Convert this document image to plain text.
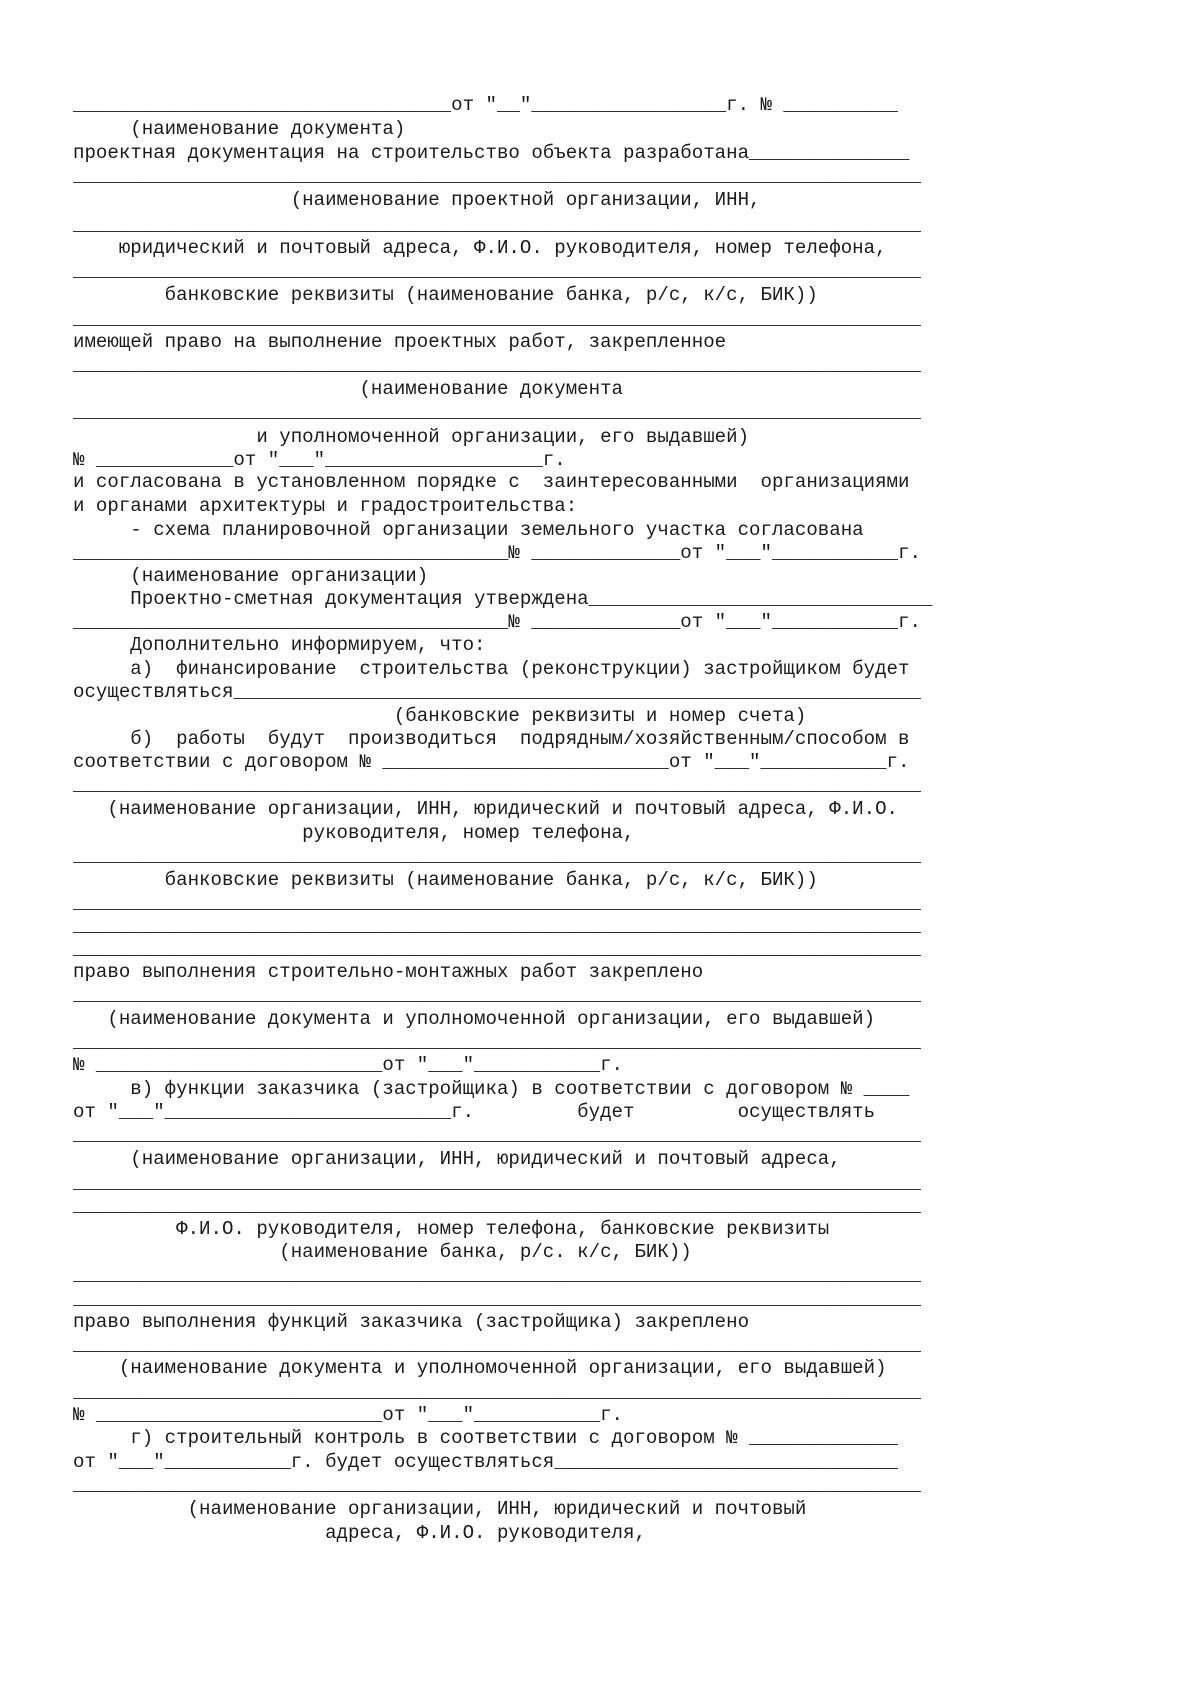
_________________________________от "__"_________________г. № __________
(наименование документа)
проектная документация на строительство объекта разработана______________
__________________________________________________________________________
(наименование проектной организации, ИНН,
__________________________________________________________________________
юридический и почтовый адреса, Ф.И.О. руководителя, номер телефона,
__________________________________________________________________________
банковские реквизиты (наименование банка, р/с, к/с, БИК))
__________________________________________________________________________
имеющей право на выполнение проектных работ, закрепленное
__________________________________________________________________________
(наименование документа
__________________________________________________________________________
и уполномоченной организации, его выдавшей)
№ ____________от "___"___________________г.
и согласована в установленном порядке с  заинтересованными  организациями
и органами архитектуры и градостроительства:
- схема планировочной организации земельного участка согласована
______________________________________№ _____________от "___"___________г.
(наименование организации)
Проектно-сметная документация утверждена______________________________
______________________________________№ _____________от "___"___________г.
Дополнительно информируем, что:
а)  финансирование  строительства (реконструкции) застройщиком будет
осуществляться____________________________________________________________
(банковские реквизиты и номер счета)
б)  работы  будут  производиться  подрядным/хозяйственным/способом в
соответствии с договором № _________________________от "___"___________г.
__________________________________________________________________________
(наименование организации, ИНН, юридический и почтовый адреса, Ф.И.О.
руководителя, номер телефона,
__________________________________________________________________________
банковские реквизиты (наименование банка, р/с, к/с, БИК))
__________________________________________________________________________
__________________________________________________________________________
__________________________________________________________________________
право выполнения строительно-монтажных работ закреплено
__________________________________________________________________________
(наименование документа и уполномоченной организации, его выдавшей)
__________________________________________________________________________
№ _________________________от "___"___________г.
в) функции заказчика (застройщика) в соответствии с договором № ____
от "___"_________________________г.         будет         осуществлять
__________________________________________________________________________
(наименование организации, ИНН, юридический и почтовый адреса,
__________________________________________________________________________
__________________________________________________________________________
Ф.И.О. руководителя, номер телефона, банковские реквизиты
(наименование банка, р/с. к/с, БИК))
__________________________________________________________________________
__________________________________________________________________________
право выполнения функций заказчика (застройщика) закреплено
__________________________________________________________________________
(наименование документа и уполномоченной организации, его выдавшей)
__________________________________________________________________________
№ _________________________от "___"___________г.
г) строительный контроль в соответствии с договором № _____________
от "___"___________г. будет осуществляться______________________________
__________________________________________________________________________
(наименование организации, ИНН, юридический и почтовый
адреса, Ф.И.О. руководителя,
